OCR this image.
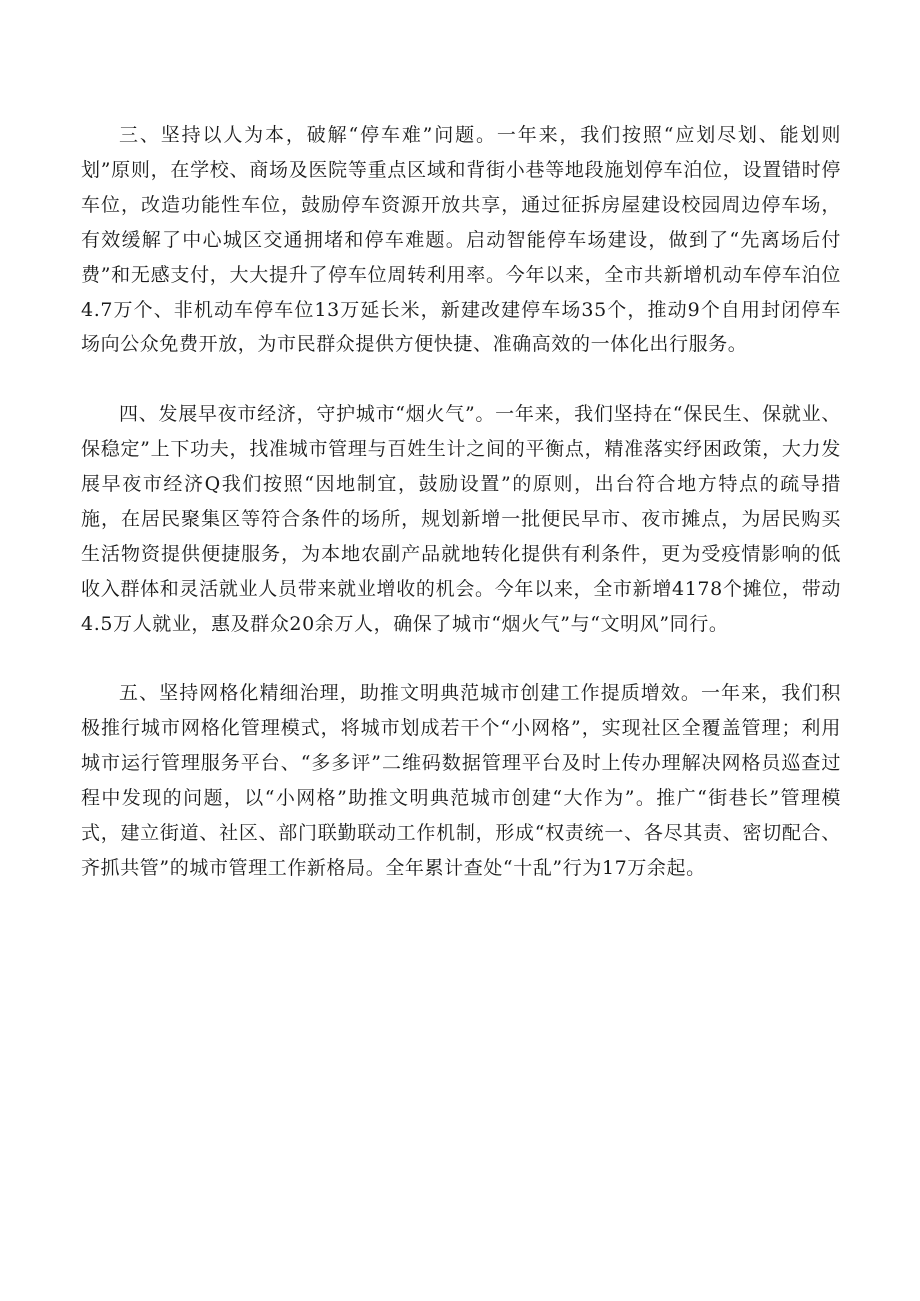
三、坚持以人为本，破解“停车难”问题。一年来，我们按照“应划尽划、能划则划”原则，在学校、商场及医院等重点区域和背街小巷等地段施划停车泊位，设置错时停车位，改造功能性车位，鼓励停车资源开放共享，通过征拆房屋建设校园周边停车场，有效缓解了中心城区交通拥堵和停车难题。启动智能停车场建设，做到了“先离场后付费”和无感支付，大大提升了停车位周转利用率。今年以来，全市共新增机动车停车泊位4.7万个、非机动车停车位13万延长米，新建改建停车场35个，推动9个自用封闭停车场向公众免费开放，为市民群众提供方便快捷、准确高效的一体化出行服务。

四、发展早夜市经济，守护城市“烟火气”。一年来，我们坚持在“保民生、保就业、保稳定”上下功夫，找准城市管理与百姓生计之间的平衡点，精准落实纾困政策，大力发展早夜市经济Q我们按照“因地制宜，鼓励设置”的原则，出台符合地方特点的疏导措施，在居民聚集区等符合条件的场所，规划新增一批便民早市、夜市摊点，为居民购买生活物资提供便捷服务，为本地农副产品就地转化提供有利条件，更为受疫情影响的低收入群体和灵活就业人员带来就业增收的机会。今年以来，全市新增4178个摊位，带动4.5万人就业，惠及群众20余万人，确保了城市“烟火气”与“文明风”同行。

五、坚持网格化精细治理，助推文明典范城市创建工作提质增效。一年来，我们积极推行城市网格化管理模式，将城市划成若干个“小网格”，实现社区全覆盖管理；利用城市运行管理服务平台、“多多评”二维码数据管理平台及时上传办理解决网格员巡查过程中发现的问题，以“小网格”助推文明典范城市创建“大作为”。推广“街巷长”管理模式，建立街道、社区、部门联勤联动工作机制，形成“权责统一、各尽其责、密切配合、齐抓共管”的城市管理工作新格局。全年累计查处“十乱”行为17万余起。
